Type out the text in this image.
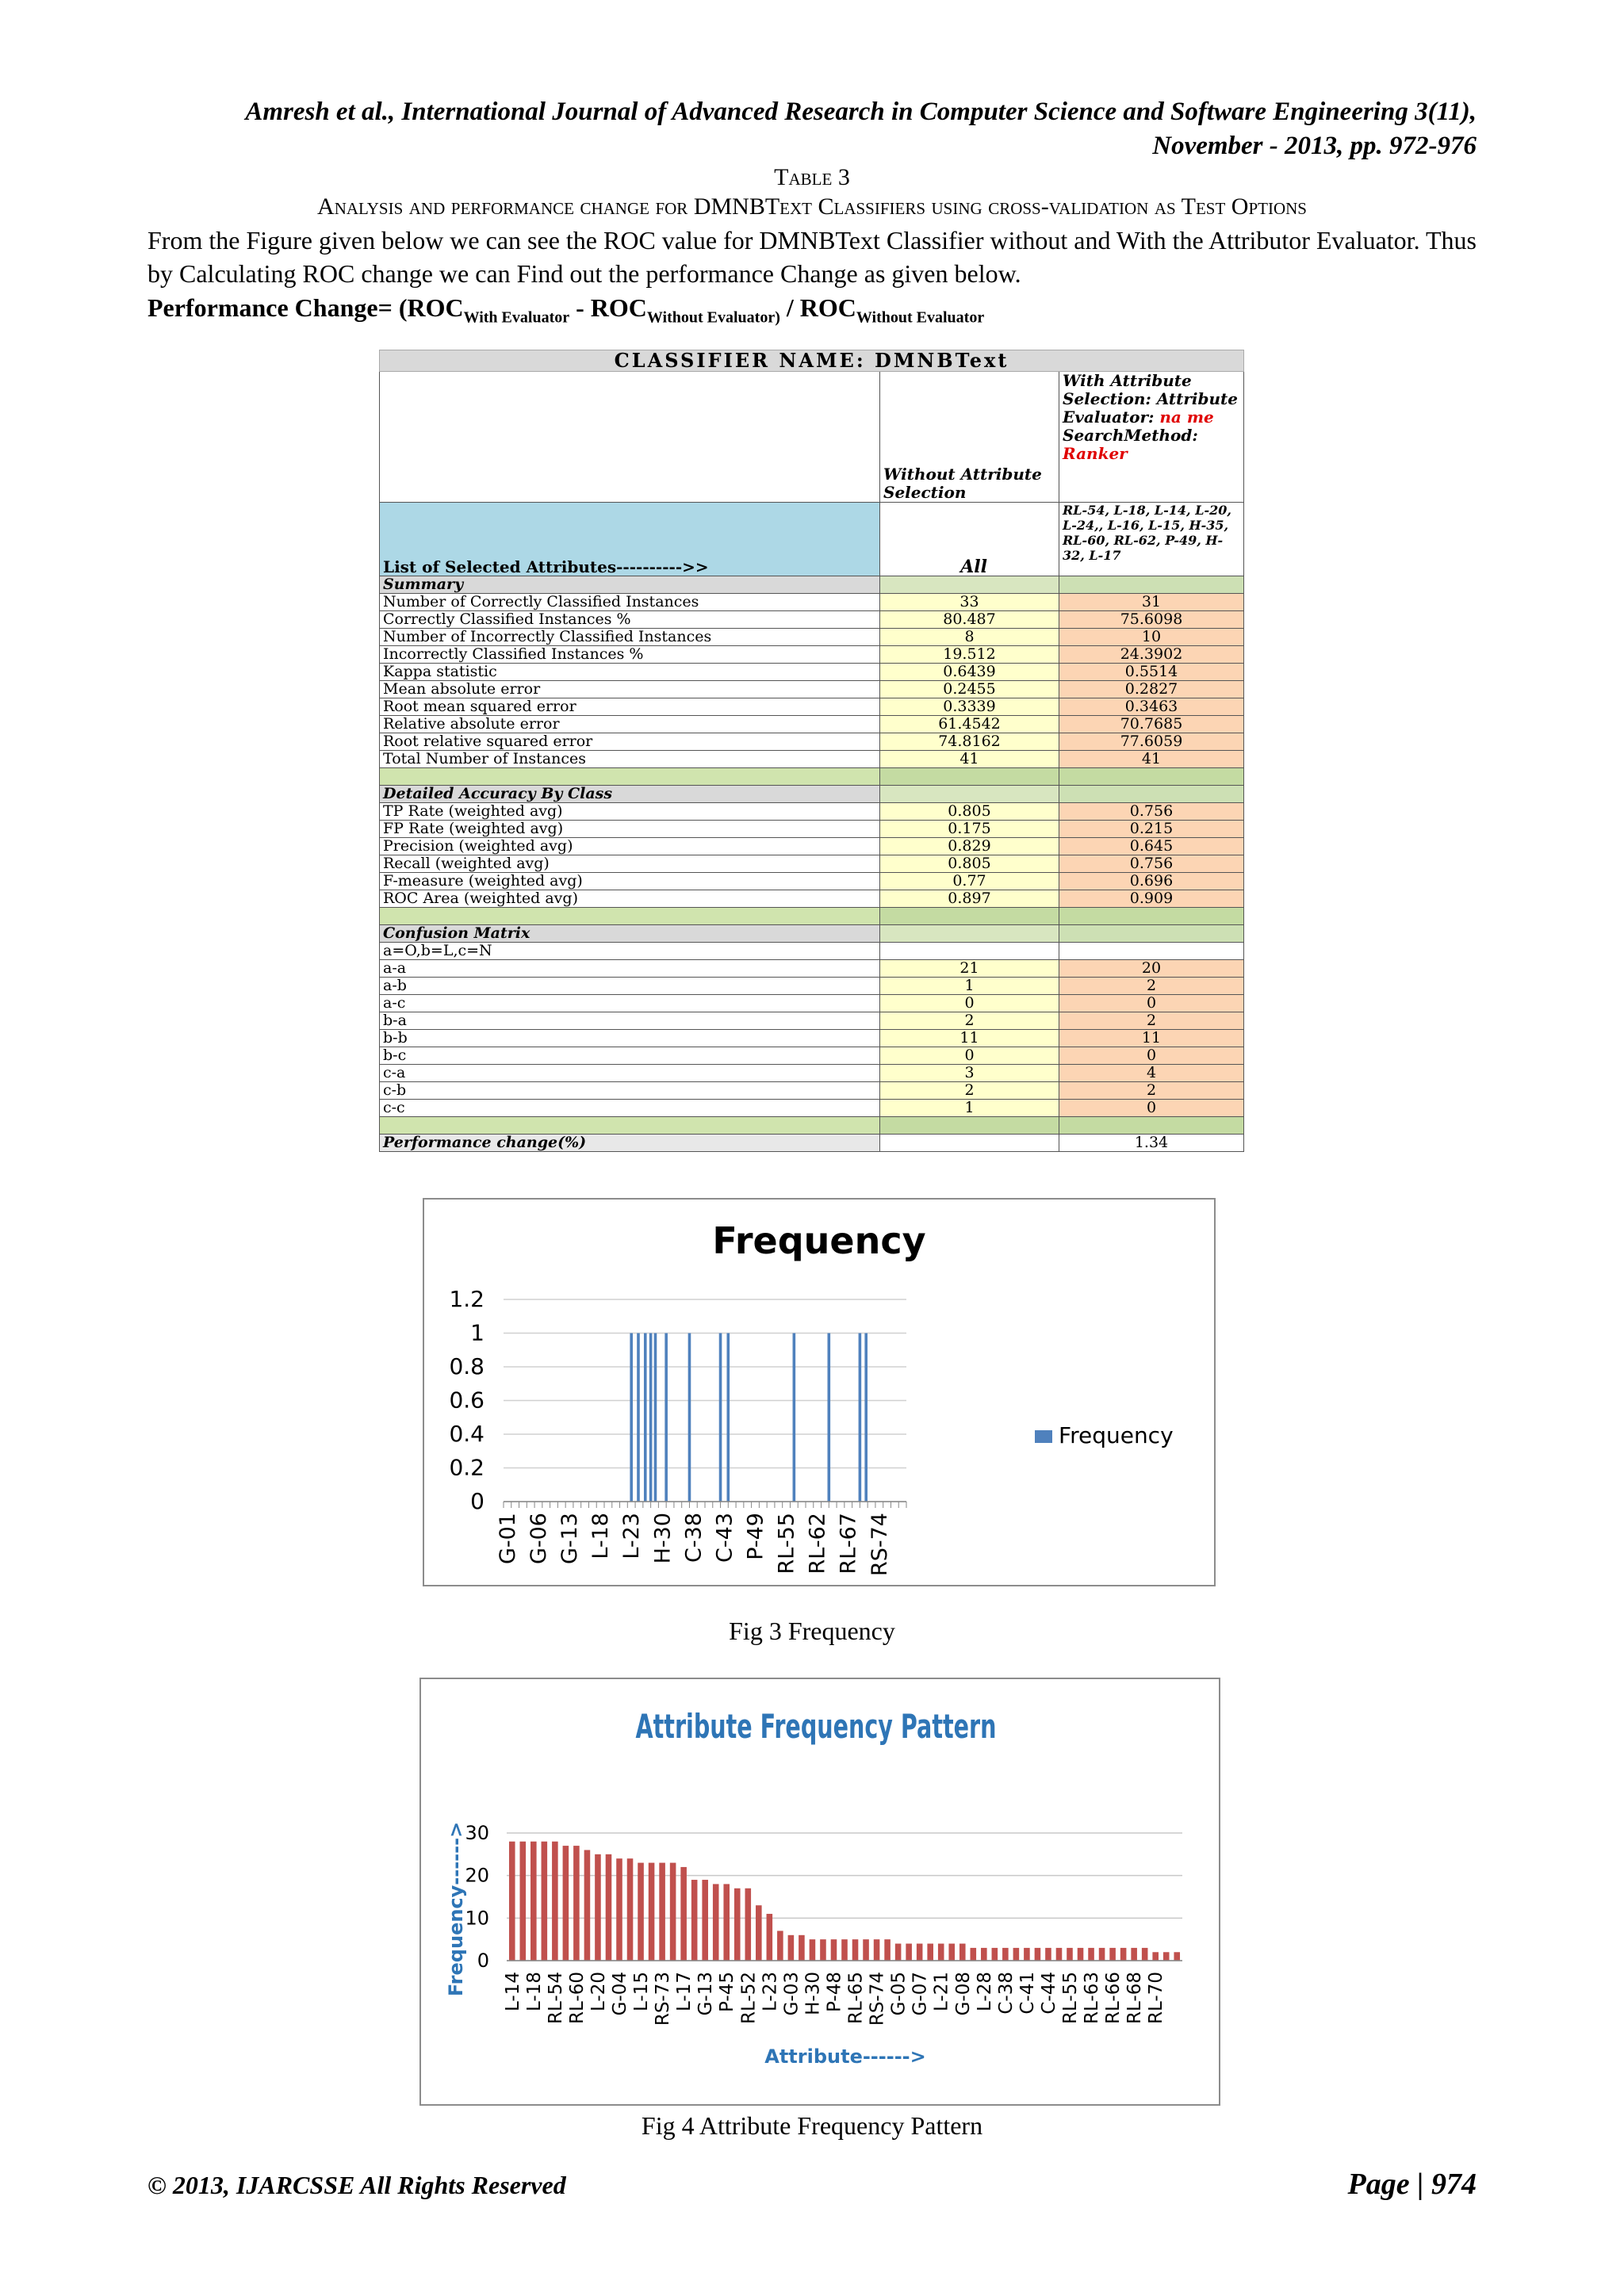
Amresh et al., International Journal of Advanced Research in Computer Science and Software Engineering 3(11),
November - 2013, pp. 972-976
Table 3
Analysis and performance change for DMNBText Classifiers using cross-validation as Test Options
From the Figure given below we can see the ROC value for DMNBText Classifier without and With the Attributor Evaluator. Thus by Calculating ROC change we can Find out the performance Change as given below.
Performance Change= ($ROC_{With Evaluator} - ROC_{Without Evaluator)} / ROC_{Without Evaluator}$
CLASSIFIER NAME: DMNBText		
	Without Attribute Selection	With Attribute Selection: Attribute Evaluator: na me SearchMethod: Ranker
List of Selected Attributes---------->>	All	RL-54, L-18, L-14, L-20, L-24,, L-16, L-15, H-35, RL-60, RL-62, P-49, H-32, L-17
Summary		
Number of Correctly Classified Instances	33	31
Correctly Classified Instances %	80.487	75.6098
Number of Incorrectly Classified Instances	8	10
Incorrectly Classified Instances %	19.512	24.3902
Kappa statistic	0.6439	0.5514
Mean absolute error	0.2455	0.2827
Root mean squared error	0.3339	0.3463
Relative absolute error	61.4542	70.7685
Root relative squared error	74.8162	77.6059
Total Number of Instances	41	41

Detailed Accuracy By Class		
TP Rate (weighted avg)	0.805	0.756
FP Rate (weighted avg)	0.175	0.215
Precision (weighted avg)	0.829	0.645
Recall (weighted avg)	0.805	0.756
F-measure (weighted avg)	0.77	0.696
ROC Area (weighted avg)	0.897	0.909

Confusion Matrix		
a=O,b=L,c=N		
a-a	21	20
a-b	1	2
a-c	0	0
b-a	2	2
b-b	11	11
b-c	0	0
c-a	3	4
c-b	2	2
c-c	1	0

Performance change(%)		1.34
Frequency
0
0.2
0.4
0.6
0.8
1
1.2
G-01 G-06 G-13 L-18 L-23 H-30 C-38 C-43 P-49 RL-55 RL-62 RL-67 RS-74
Frequency
Fig 3 Frequency
Attribute Frequency Pattern
0
10
20
30
L-14 L-18 RL-54 RL-60 L-20 G-04 L-15 RS-73 L-17 G-13 P-45 RL-52 L-23 G-03 H-30 P-48 RL-65 RS-74 G-05 G-07 L-21 G-08 L-28 C-38 C-41 C-44 RL-55 RL-63 RL-66 RL-68 RL-70
Attribute------>
Frequency------>
Fig 4 Attribute Frequency Pattern
© 2013, IJARCSSE All Rights Reserved	Page | 974
